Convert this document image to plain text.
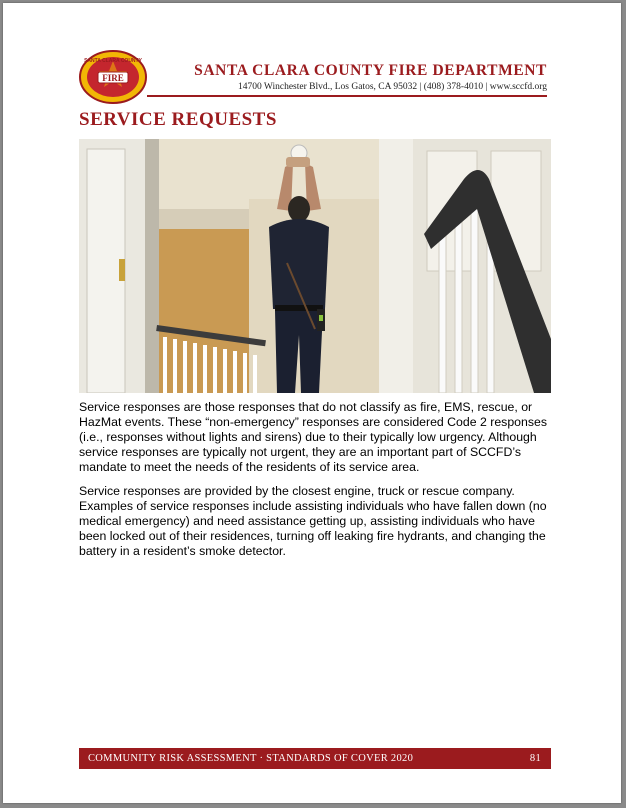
FIRE
SANTA CLARA COUNTY
SANTA CLARA COUNTY FIRE DEPARTMENT
14700 Winchester Blvd., Los Gatos, CA 95032 | (408) 378-4010 | www.sccfd.org
SERVICE REQUESTS

Service responses are those responses that do not classify as fire, EMS, rescue, or HazMat events. These “non-emergency” responses are considered Code 2 responses (i.e., responses without lights and sirens) due to their typically low urgency. Although service responses are typically not urgent, they are an important part of SCCFD’s mandate to meet the needs of the residents of its service area.

Service responses are provided by the closest engine, truck or rescue company. Examples of service responses include assisting individuals who have fallen down (no medical emergency) and need assistance getting up, assisting individuals who have been locked out of their residences, turning off leaking fire hydrants, and changing the battery in a resident’s smoke detector.

COMMUNITY RISK ASSESSMENT · STANDARDS OF COVER 2020	81
